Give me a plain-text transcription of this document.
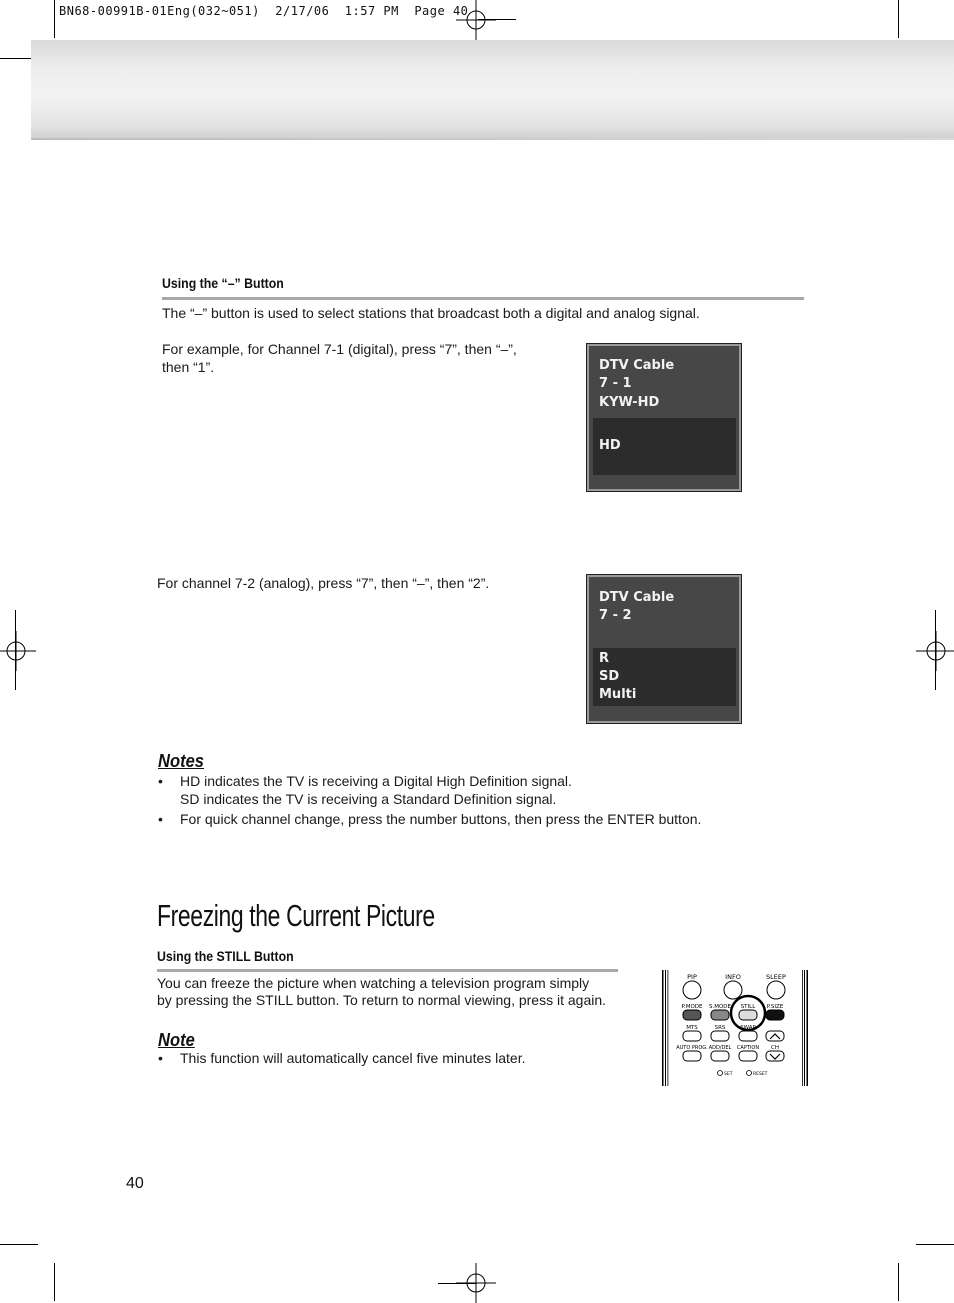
BN68-00991B-01Eng(032~051)  2/17/06  1:57 PM  Page 40
Using the “–” Button
The “–” button is used to select stations that broadcast both a digital and analog signal.
For example, for Channel 7-1 (digital), press “7”, then “–”,
then “1”.	DTV Cable
7 - 1
KYW-HD
HD
For channel 7-2 (analog), press “7”, then “–”, then “2”.
DTV Cable
7 - 2
R
SD
Multi
Notes
• HD indicates the TV is receiving a Digital High Definition signal.
SD indicates the TV is receiving a Standard Definition signal.
• For quick channel change, press the number buttons, then press the ENTER button.
Freezing the Current Picture
Using the STILL Button
You can freeze the picture when watching a television program simply
by pressing the STILL button. To return to normal viewing, press it again.
Note
• This function will automatically cancel five minutes later.
PIP	INFO	SLEEP
P.MODE S.MODE STILL P.SIZE
MTS	SRS	SWAP
AUTO PROG. ADD/DEL CAPTION CH
SET	RESET
40
